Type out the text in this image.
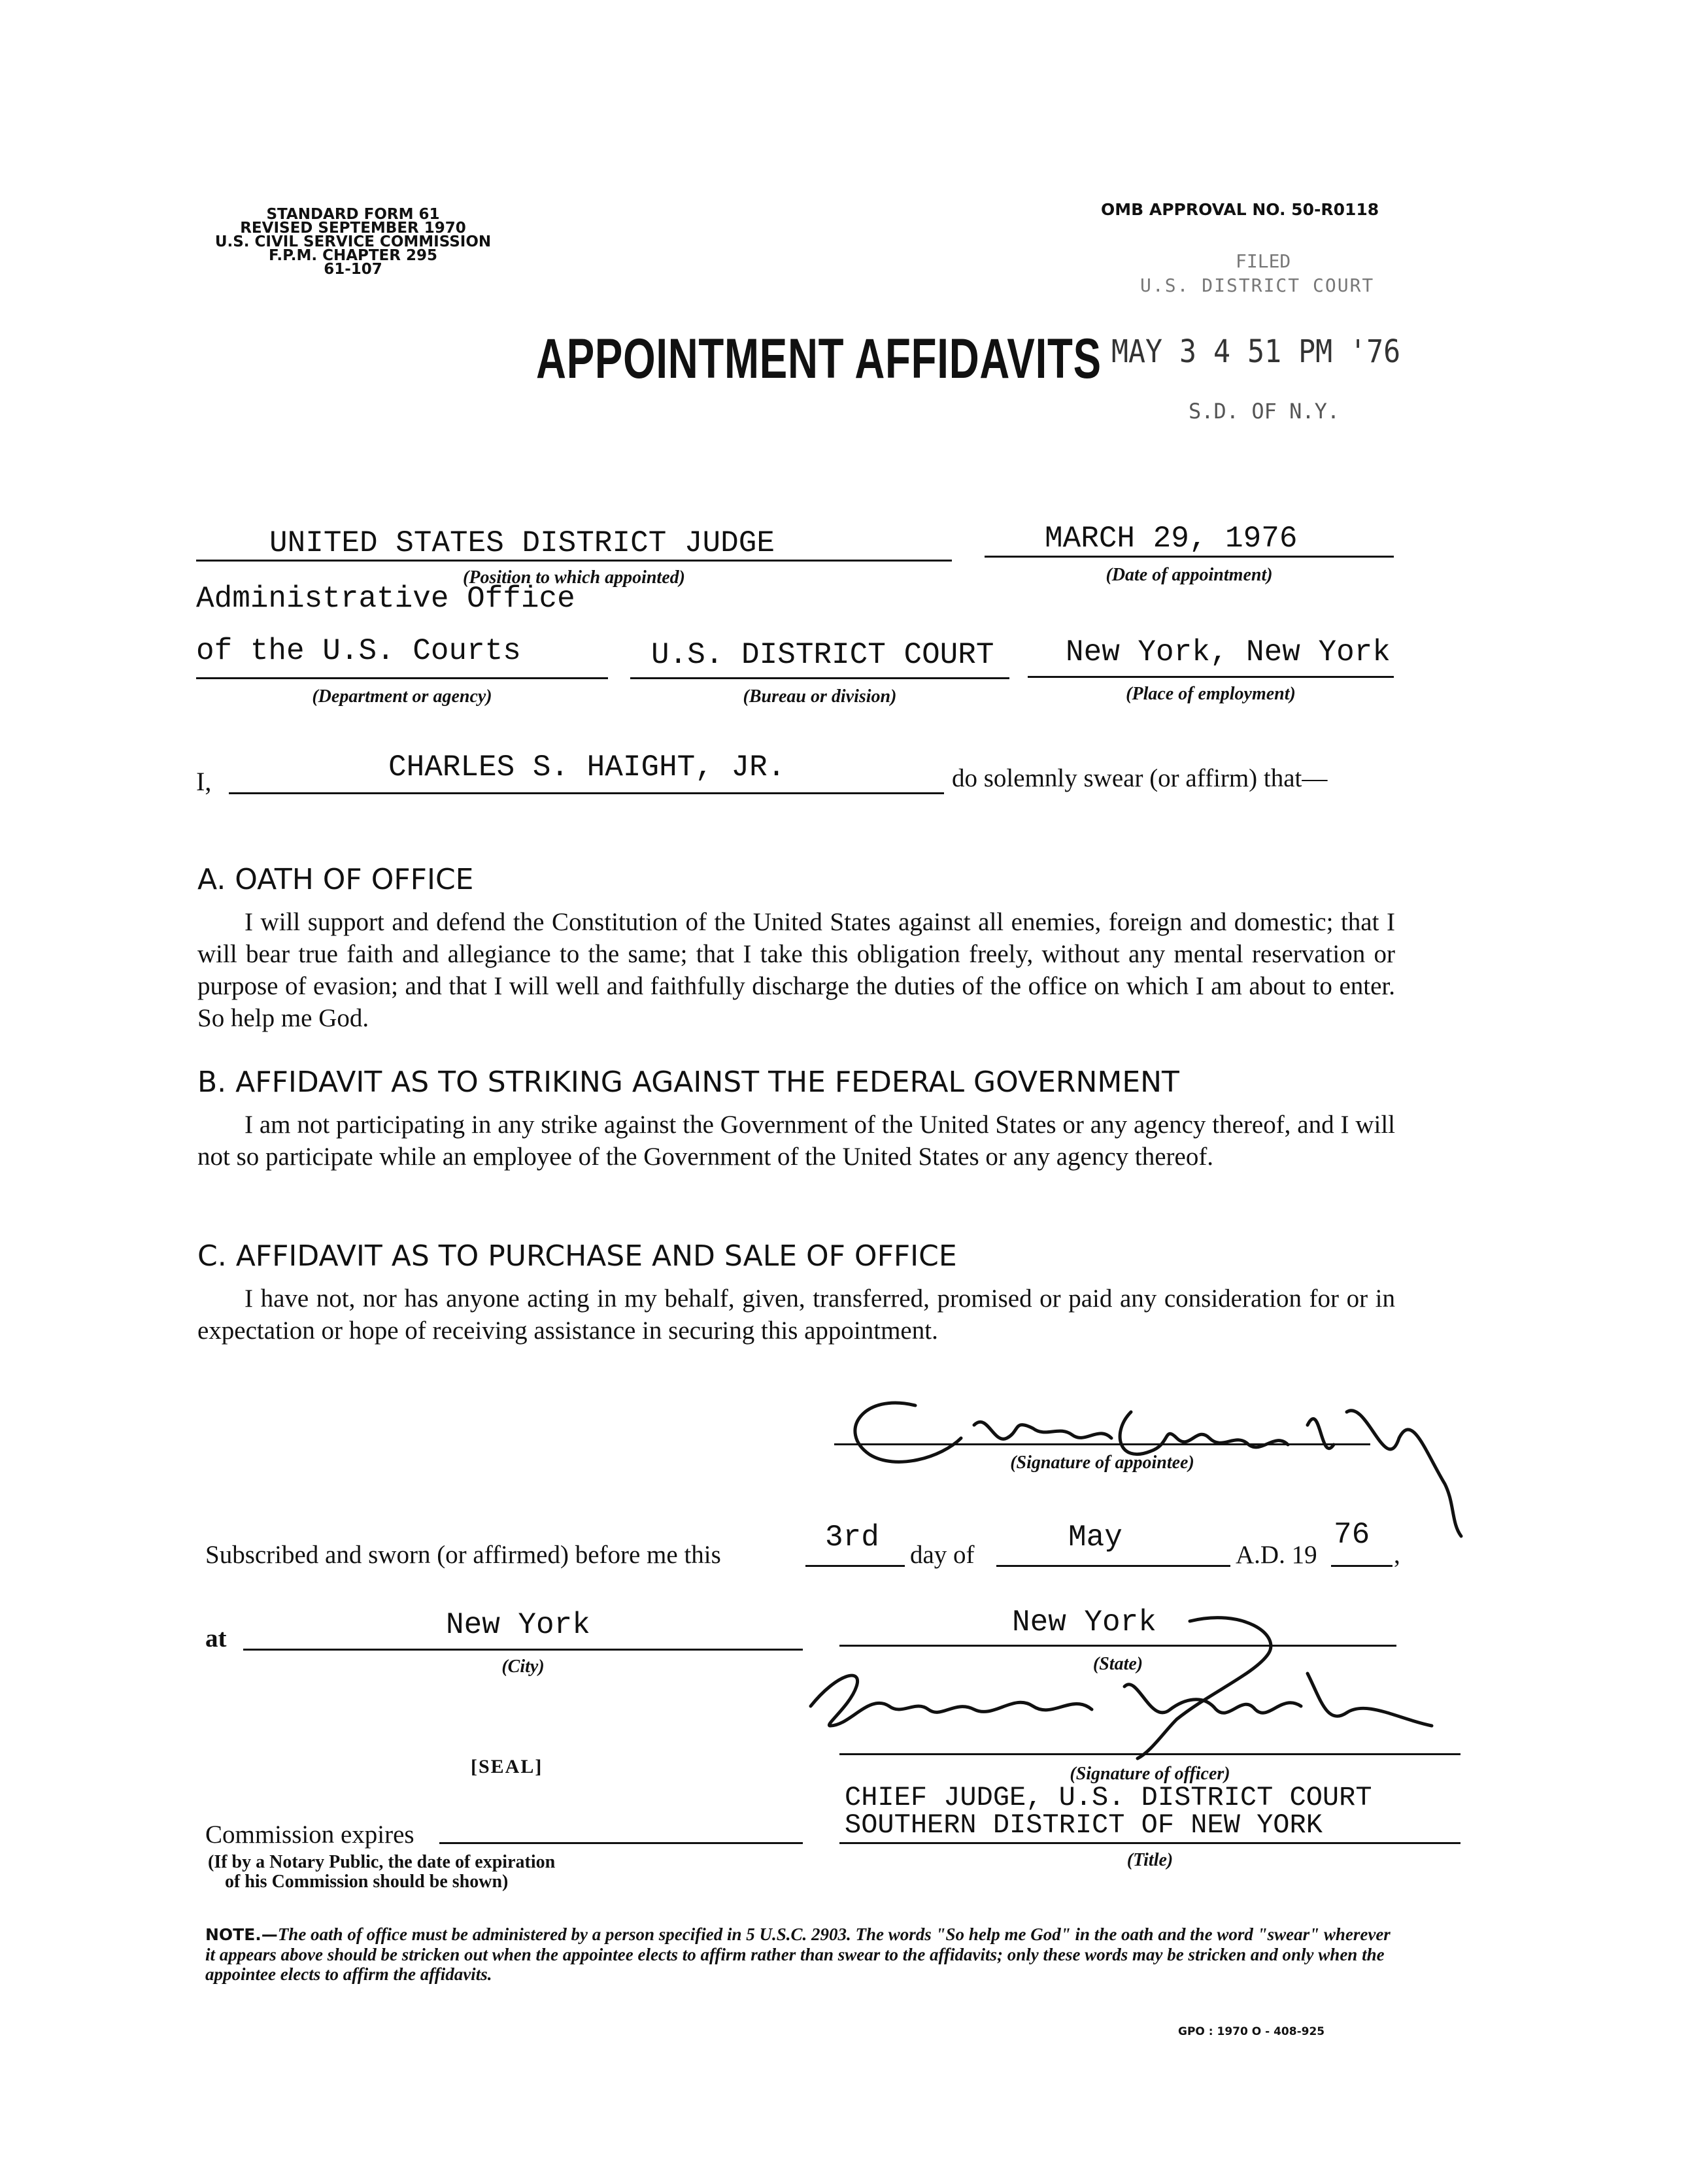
STANDARD FORM 61
REVISED SEPTEMBER 1970
U.S. CIVIL SERVICE COMMISSION
F.P.M. CHAPTER 295
61-107
OMB APPROVAL NO. 50-R0118
APPOINTMENT AFFIDAVITS
FILED
U.S. DISTRICT COURT
MAY 3 4 51 PM '76
S.D. OF N.Y.
UNITED STATES DISTRICT JUDGE
(Position to which appointed)
MARCH 29, 1976
(Date of appointment)
Administrative Office
of the U.S. Courts
(Department or agency)
U.S. DISTRICT COURT
(Bureau or division)
New York, New York
(Place of employment)
I,	CHARLES S. HAIGHT, JR.	do solemnly swear (or affirm) that—
A. OATH OF OFFICE
I will support and defend the Constitution of the United States against all enemies, foreign and domestic; that I will bear true faith and allegiance to the same; that I take this obligation freely, without any mental reservation or purpose of evasion; and that I will well and faithfully discharge the duties of the office on which I am about to enter. So help me God.
B. AFFIDAVIT AS TO STRIKING AGAINST THE FEDERAL GOVERNMENT
I am not participating in any strike against the Government of the United States or any agency thereof, and I will not so participate while an employee of the Government of the United States or any agency thereof.
C. AFFIDAVIT AS TO PURCHASE AND SALE OF OFFICE
I have not, nor has anyone acting in my behalf, given, transferred, promised or paid any consideration for or in expectation or hope of receiving assistance in securing this appointment.
(Signature of appointee)
Subscribed and sworn (or affirmed) before me this
3rd
day of
May
A.D. 19
76
,
at	New York
(City)
New York
(State)
[SEAL]	(Signature of officer)
CHIEF JUDGE, U.S. DISTRICT COURT
SOUTHERN DISTRICT OF NEW YORK
(Title)
Commission expires
(If by a Notary Public, the date of expiration
of his Commission should be shown)
NOTE.—The oath of office must be administered by a person specified in 5 U.S.C. 2903. The words "So help me God" in the oath and the word "swear" wherever it appears above should be stricken out when the appointee elects to affirm rather than swear to the affidavits; only these words may be stricken and only when the appointee elects to affirm the affidavits.
GPO : 1970 O - 408-925
